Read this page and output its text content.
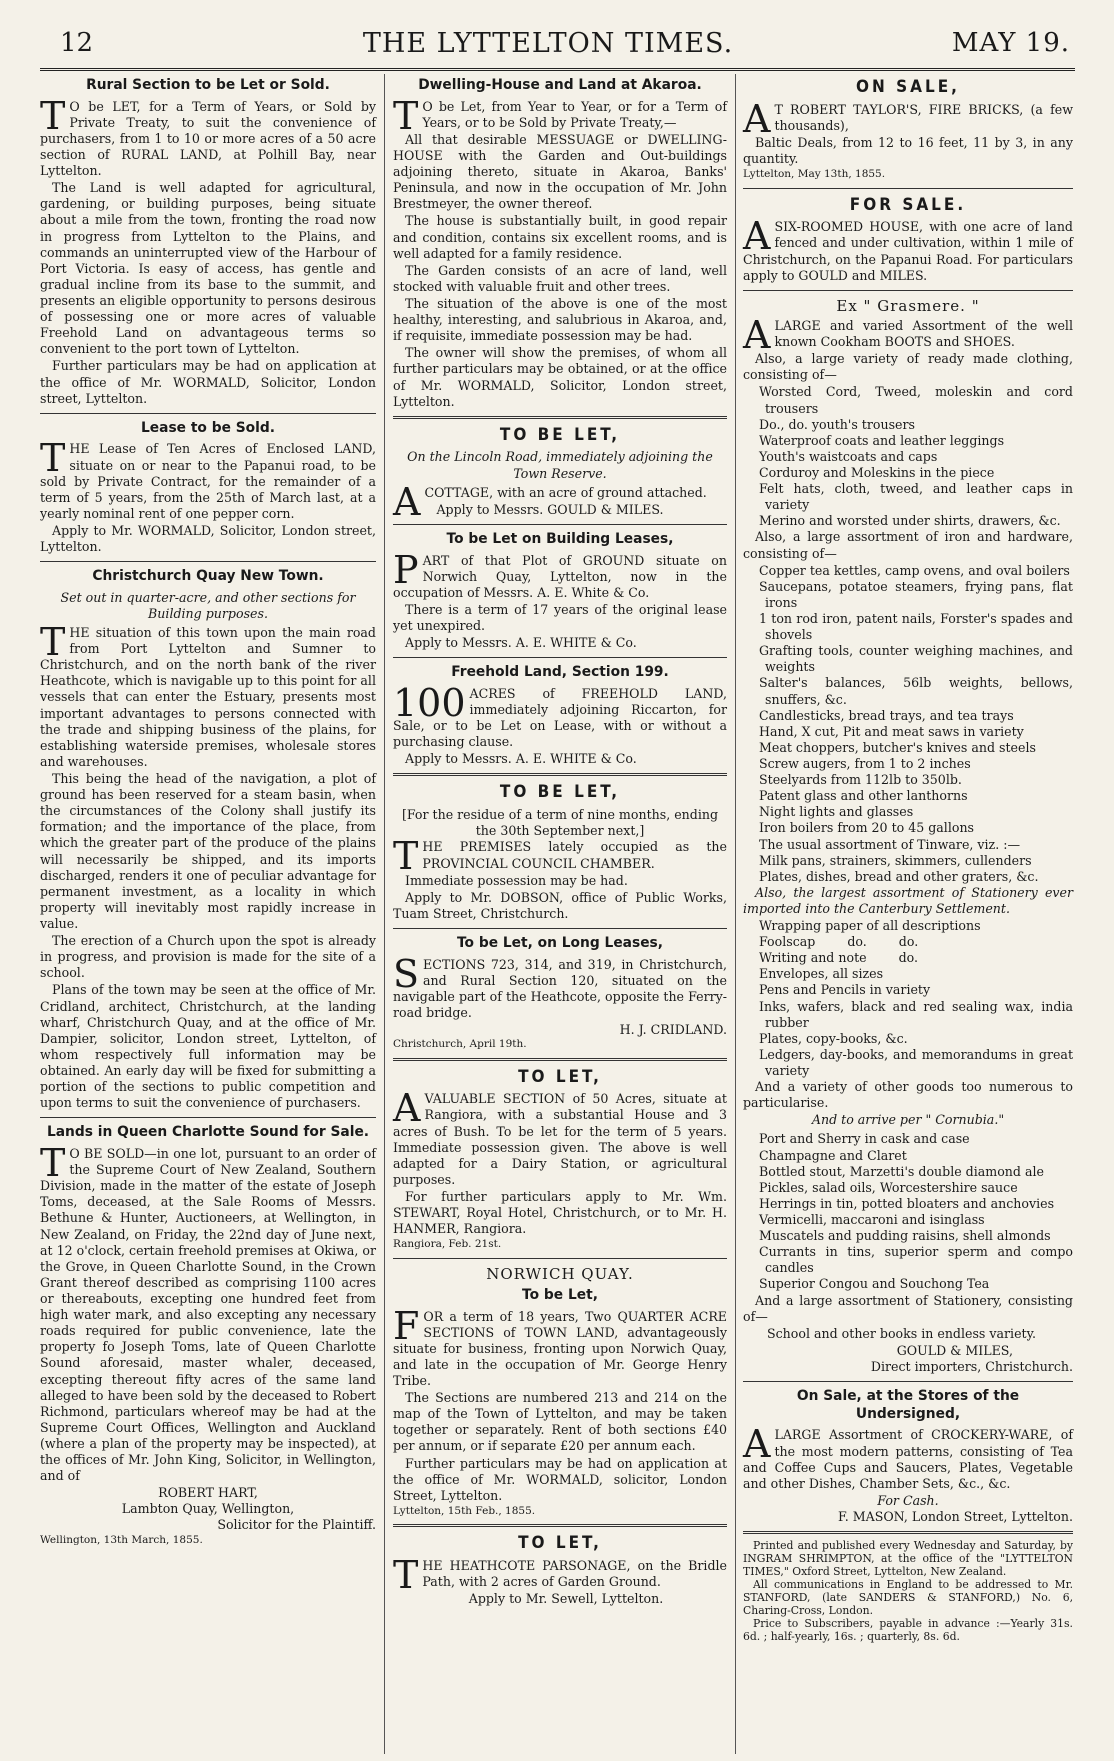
12	THE LYTTELTON TIMES.	MAY 19.
Rural Section to be Let or Sold.

T O be LET, for a Term of Years, or Sold by Private Treaty, to suit the convenience of purchasers, from 1 to 10 or more acres of a 50 acre section of RURAL LAND, at Polhill Bay, near Lyttelton.

The Land is well adapted for agricultural, gardening, or building purposes, being situate about a mile from the town, fronting the road now in progress from Lyttelton to the Plains, and commands an uninterrupted view of the Harbour of Port Victoria. Is easy of access, has gentle and gradual incline from its base to the summit, and presents an eligible opportunity to persons desirous of possessing one or more acres of valuable Freehold Land on advantageous terms so convenient to the port town of Lyttelton.

Further particulars may be had on application at the office of Mr. WORMALD, Solicitor, London street, Lyttelton.

Lease to be Sold.

THE Lease of Ten Acres of Enclosed LAND, situate on or near to the Papanui road, to be sold by Private Contract, for the remainder of a term of 5 years, from the 25th of March last, at a yearly nominal rent of one pepper corn.

Apply to Mr. WORMALD, Solicitor, London street, Lyttelton.

Christchurch Quay New Town.
Set out in quarter-acre, and other sections for Building purposes.

THE situation of this town upon the main road from Port Lyttelton and Sumner to Christchurch, and on the north bank of the river Heathcote, which is navigable up to this point for all vessels that can enter the Estuary, presents most important advantages to persons connected with the trade and shipping business of the plains, for establishing waterside premises, wholesale stores and warehouses.

This being the head of the navigation, a plot of ground has been reserved for a steam basin, when the circumstances of the Colony shall justify its formation; and the importance of the place, from which the greater part of the produce of the plains will necessarily be shipped, and its imports discharged, renders it one of peculiar advantage for permanent investment, as a locality in which property will inevitably most rapidly increase in value.

The erection of a Church upon the spot is already in progress, and provision is made for the site of a school.

Plans of the town may be seen at the office of Mr. Cridland, architect, Christchurch, at the landing wharf, Christchurch Quay, and at the office of Mr. Dampier, solicitor, London street, Lyttelton, of whom respectively full information may be obtained. An early day will be fixed for submitting a portion of the sections to public competition and upon terms to suit the convenience of purchasers.

Lands in Queen Charlotte Sound for Sale.

T O BE SOLD—in one lot, pursuant to an order of the Supreme Court of New Zealand, Southern Division, made in the matter of the estate of Joseph Toms, deceased, at the Sale Rooms of Messrs. Bethune & Hunter, Auctioneers, at Wellington, in New Zealand, on Friday, the 22nd day of June next, at 12 o'clock, certain freehold premises at Okiwa, or the Grove, in Queen Charlotte Sound, in the Crown Grant thereof described as comprising 1100 acres or thereabouts, excepting one hundred feet from high water mark, and also excepting any necessary roads required for public convenience, late the property fo Joseph Toms, late of Queen Charlotte Sound aforesaid, master whaler, deceased, excepting thereout fifty acres of the same land alleged to have been sold by the deceased to Robert Richmond, particulars whereof may be had at the Supreme Court Offices, Wellington and Auckland (where a plan of the property may be inspected), at the offices of Mr. John King, Solicitor, in Wellington, and of

ROBERT HART,
Lambton Quay, Wellington,
Solicitor for the Plaintiff.
Wellington, 13th March, 1855.
Dwelling-House and Land at Akaroa.

T O be Let, from Year to Year, or for a Term of Years, or to be Sold by Private Treaty,—

All that desirable MESSUAGE or DWELLING-HOUSE with the Garden and Out-buildings adjoining thereto, situate in Akaroa, Banks' Peninsula, and now in the occupation of Mr. John Brestmeyer, the owner thereof.

The house is substantially built, in good repair and condition, contains six excellent rooms, and is well adapted for a family residence.

The Garden consists of an acre of land, well stocked with valuable fruit and other trees.

The situation of the above is one of the most healthy, interesting, and salubrious in Akaroa, and, if requisite, immediate possession may be had.

The owner will show the premises, of whom all further particulars may be obtained, or at the office of Mr. WORMALD, Solicitor, London street, Lyttelton.

TO BE LET,
On the Lincoln Road, immediately adjoining the Town Reserve.

A COTTAGE, with an acre of ground attached.

Apply to Messrs. GOULD & MILES.

To be Let on Building Leases,

PART of that Plot of GROUND situate on Norwich Quay, Lyttelton, now in the occupation of Messrs. A. E. White & Co.

There is a term of 17 years of the original lease yet unexpired.

Apply to Messrs. A. E. WHITE & Co.

Freehold Land, Section 199.

100 ACRES of FREEHOLD LAND, immediately adjoining Riccarton, for Sale, or to be Let on Lease, with or without a purchasing clause.

Apply to Messrs. A. E. WHITE & Co.

TO BE LET,
[For the residue of a term of nine months, ending the 30th September next,]

THE PREMISES lately occupied as the PROVINCIAL COUNCIL CHAMBER.

Immediate possession may be had.

Apply to Mr. DOBSON, office of Public Works, Tuam Street, Christchurch.

To be Let, on Long Leases,

SECTIONS 723, 314, and 319, in Christchurch, and Rural Section 120, situated on the navigable part of the Heathcote, opposite the Ferry-road bridge.

H. J. CRIDLAND.
Christchurch, April 19th.
TO LET,

A VALUABLE SECTION of 50 Acres, situate at Rangiora, with a substantial House and 3 acres of Bush. To be let for the term of 5 years. Immediate possession given. The above is well adapted for a Dairy Station, or agricultural purposes.

For further particulars apply to Mr. Wm. STEWART, Royal Hotel, Christchurch, or to Mr. H. HANMER, Rangiora.

Rangiora, Feb. 21st.
NORWICH QUAY.
To be Let,

FOR a term of 18 years, Two QUARTER ACRE SECTIONS of TOWN LAND, advantageously situate for business, fronting upon Norwich Quay, and late in the occupation of Mr. George Henry Tribe.

The Sections are numbered 213 and 214 on the map of the Town of Lyttelton, and may be taken together or separately. Rent of both sections £40 per annum, or if separate £20 per annum each.

Further particulars may be had on application at the office of Mr. WORMALD, solicitor, London Street, Lyttelton.

Lyttelton, 15th Feb., 1855.
TO LET,

THE HEATHCOTE PARSONAGE, on the Bridle Path, with 2 acres of Garden Ground.

Apply to Mr. Sewell, Lyttelton.

ON SALE,

A T ROBERT TAYLOR'S, FIRE BRICKS, (a few thousands),

Baltic Deals, from 12 to 16 feet, 11 by 3, in any quantity.

Lyttelton, May 13th, 1855.
FOR SALE.

A SIX-ROOMED HOUSE, with one acre of land fenced and under cultivation, within 1 mile of Christchurch, on the Papanui Road. For particulars apply to GOULD and MILES.

Ex " Grasmere. "

A LARGE and varied Assortment of the well known Cookham BOOTS and SHOES.

Also, a large variety of ready made clothing, consisting of—

Worsted Cord, Tweed, moleskin and cord trousers
Do., do. youth's trousers
Waterproof coats and leather leggings
Youth's waistcoats and caps
Corduroy and Moleskins in the piece
Felt hats, cloth, tweed, and leather caps in variety
Merino and worsted under shirts, drawers, &c.

Also, a large assortment of iron and hardware, consisting of—

Copper tea kettles, camp ovens, and oval boilers
Saucepans, potatoe steamers, frying pans, flat irons
1 ton rod iron, patent nails, Forster's spades and shovels
Grafting tools, counter weighing machines, and weights
Salter's balances, 56lb weights, bellows, snuffers, &c.
Candlesticks, bread trays, and tea trays
Hand, X cut, Pit and meat saws in variety
Meat choppers, butcher's knives and steels
Screw augers, from 1 to 2 inches
Steelyards from 112lb to 350lb.
Patent glass and other lanthorns
Night lights and glasses
Iron boilers from 20 to 45 gallons
The usual assortment of Tinware, viz. :—
Milk pans, strainers, skimmers, cullenders
Plates, dishes, bread and other graters, &c.

Also, the largest assortment of Stationery ever imported into the Canterbury Settlement.

Wrapping paper of all descriptions
Foolscap        do.        do.
Writing and note        do.
Envelopes, all sizes
Pens and Pencils in variety
Inks, wafers, black and red sealing wax, india rubber
Plates, copy-books, &c.
Ledgers, day-books, and memorandums in great variety

And a variety of other goods too numerous to particularise.

And to arrive per " Cornubia."
Port and Sherry in cask and case
Champagne and Claret
Bottled stout, Marzetti's double diamond ale
Pickles, salad oils, Worcestershire sauce
Herrings in tin, potted bloaters and anchovies
Vermicelli, maccaroni and isinglass
Muscatels and pudding raisins, shell almonds
Currants in tins, superior sperm and compo candles
Superior Congou and Souchong Tea

And a large assortment of Stationery, consisting of—

School and other books in endless variety.

GOULD & MILES,
Direct importers, Christchurch.
On Sale, at the Stores of the Undersigned,

A LARGE Assortment of CROCKERY-WARE, of the most modern patterns, consisting of Tea and Coffee Cups and Saucers, Plates, Vegetable and other Dishes, Chamber Sets, &c., &c.

For Cash.
F. MASON, London Street, Lyttelton.

Printed and published every Wednesday and Saturday, by INGRAM SHRIMPTON, at the office of the "LYTTELTON TIMES," Oxford Street, Lyttelton, New Zealand.

All communications in England to be addressed to Mr. STANFORD, (late SANDERS & STANFORD,) No. 6, Charing-Cross, London.

Price to Subscribers, payable in advance :—Yearly 31s. 6d. ; half-yearly, 16s. ; quarterly, 8s. 6d.
